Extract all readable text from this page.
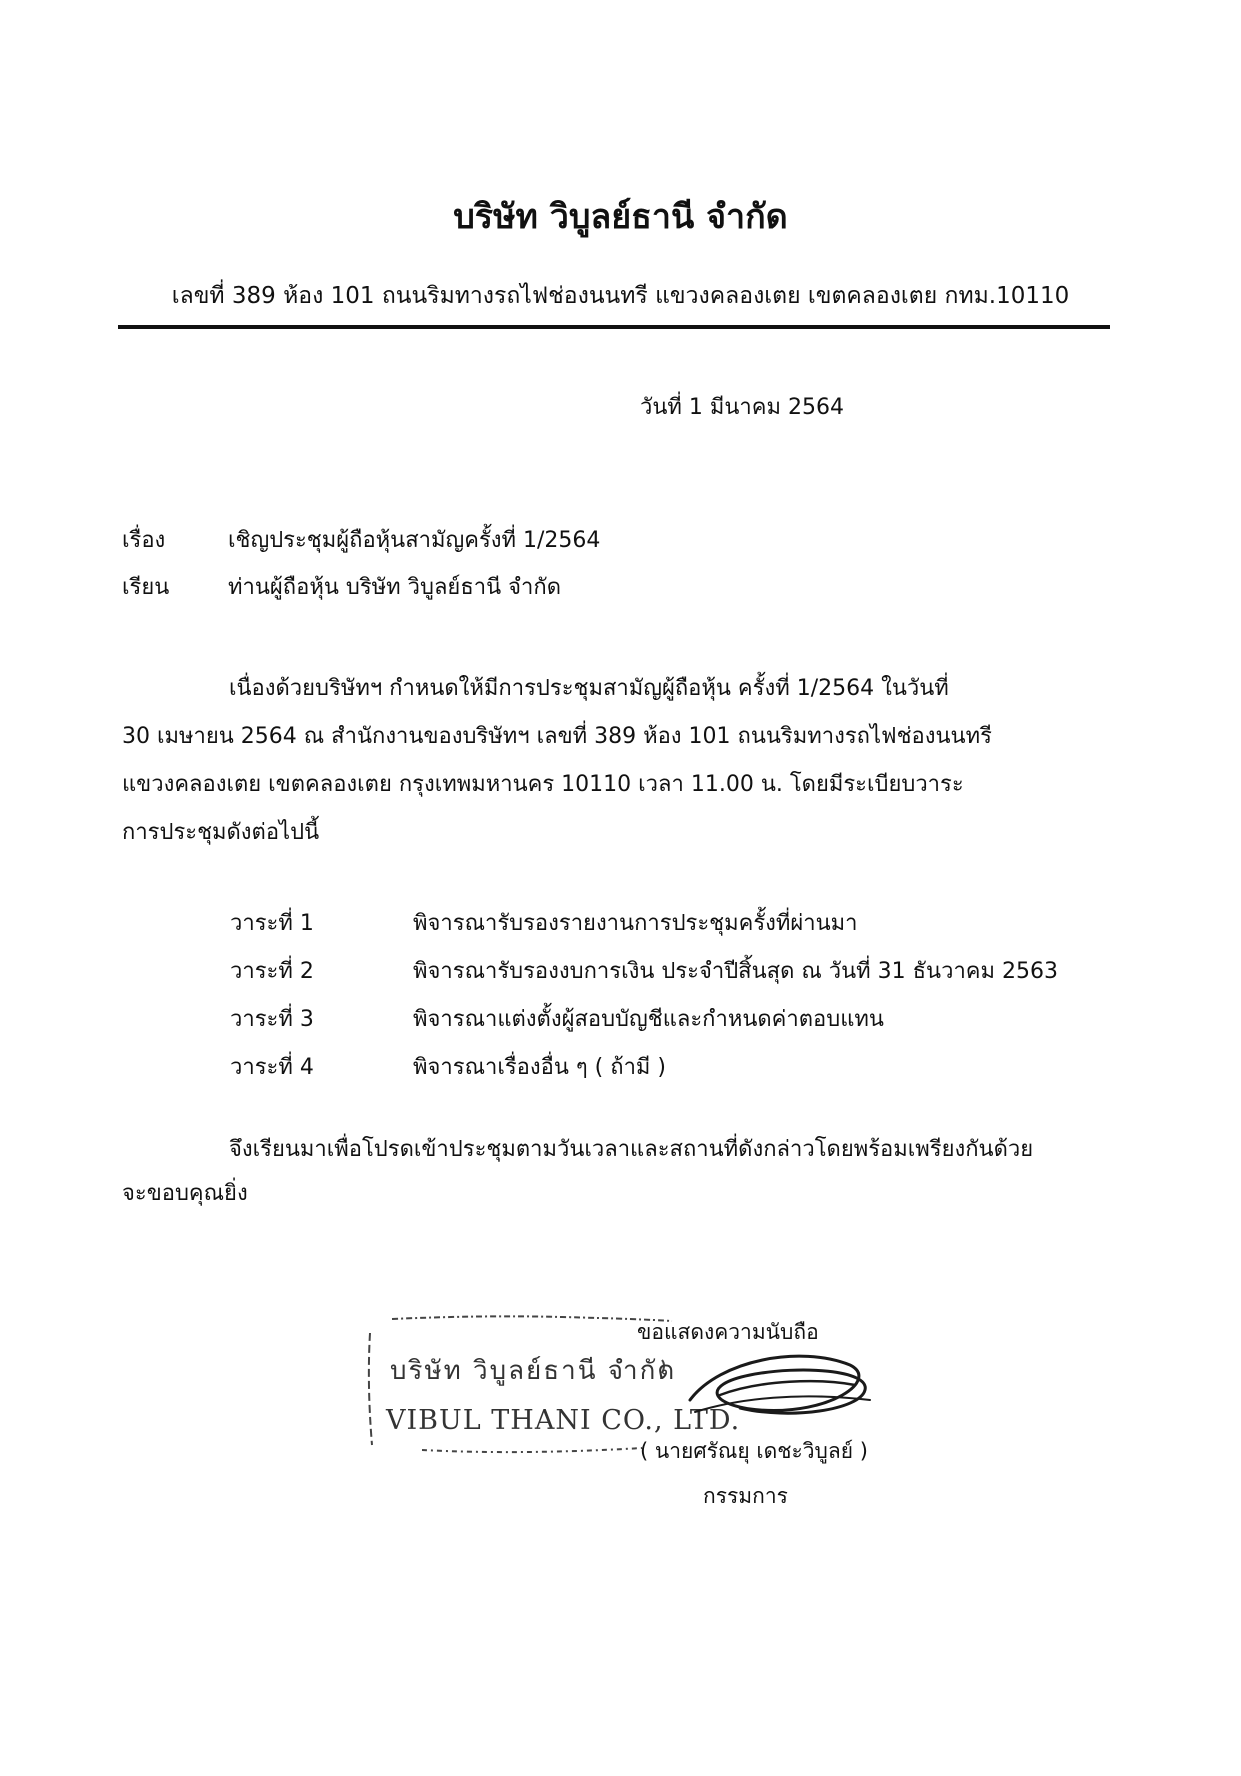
บริษัท วิบูลย์ธานี จำกัด
เลขที่ 389 ห้อง 101 ถนนริมทางรถไฟช่องนนทรี แขวงคลองเตย เขตคลองเตย กทม.10110
วันที่ 1 มีนาคม 2564
เรื่อง	เชิญประชุมผู้ถือหุ้นสามัญครั้งที่ 1/2564
เรียน	ท่านผู้ถือหุ้น บริษัท วิบูลย์ธานี จำกัด
เนื่องด้วยบริษัทฯ กำหนดให้มีการประชุมสามัญผู้ถือหุ้น ครั้งที่ 1/2564 ในวันที่
30 เมษายน 2564 ณ สำนักงานของบริษัทฯ เลขที่ 389 ห้อง 101 ถนนริมทางรถไฟช่องนนทรี
แขวงคลองเตย เขตคลองเตย กรุงเทพมหานคร 10110 เวลา 11.00 น. โดยมีระเบียบวาระ
การประชุมดังต่อไปนี้
วาระที่ 1	พิจารณารับรองรายงานการประชุมครั้งที่ผ่านมา
วาระที่ 2	พิจารณารับรองงบการเงิน ประจำปีสิ้นสุด ณ วันที่ 31 ธันวาคม 2563
วาระที่ 3	พิจารณาแต่งตั้งผู้สอบบัญชีและกำหนดค่าตอบแทน
วาระที่ 4	พิจารณาเรื่องอื่น ๆ ( ถ้ามี )
จึงเรียนมาเพื่อโปรดเข้าประชุมตามวันเวลาและสถานที่ดังกล่าวโดยพร้อมเพรียงกันด้วย
จะขอบคุณยิ่ง
ขอแสดงความนับถือ
บริษัท วิบูลย์ธานี จำกัด
VIBUL THANI CO., LTD.
( นายศรัณยุ เดชะวิบูลย์ )
กรรมการ
